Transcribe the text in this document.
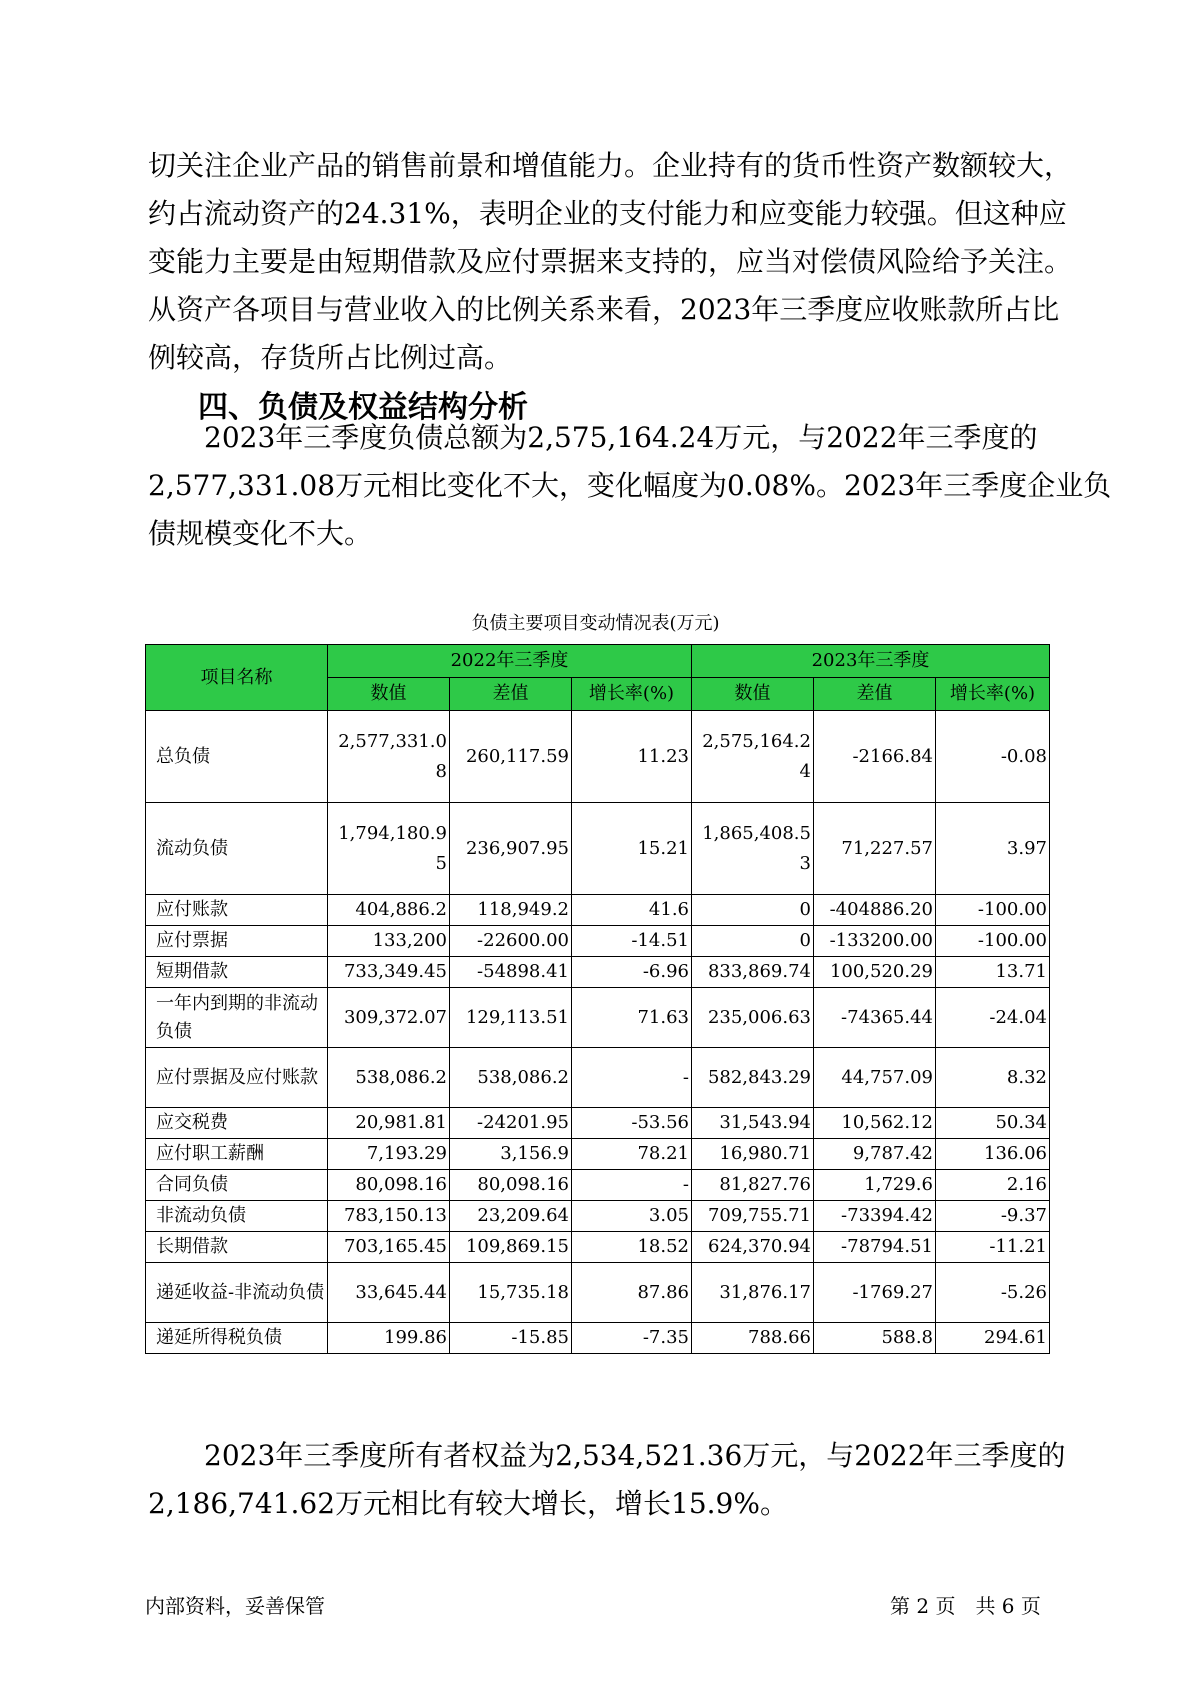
切关注企业产品的销售前景和增值能力。企业持有的货币性资产数额较大，
约占流动资产的24.31%，表明企业的支付能力和应变能力较强。但这种应
变能力主要是由短期借款及应付票据来支持的，应当对偿债风险给予关注。
从资产各项目与营业收入的比例关系来看，2023年三季度应收账款所占比
例较高，存货所占比例过高。
四、负债及权益结构分析
　　2023年三季度负债总额为2,575,164.24万元，与2022年三季度的
2,577,331.08万元相比变化不大，变化幅度为0.08%。2023年三季度企业负
债规模变化不大。
负债主要项目变动情况表(万元)
项目名称	2022年三季度			2023年三季度		
	数值	差值	增长率(%)	数值	差值	增长率(%)
总负债	2,577,331.08	260,117.59	11.23	2,575,164.24	-2166.84	-0.08
流动负债	1,794,180.95	236,907.95	15.21	1,865,408.53	71,227.57	3.97
应付账款	404,886.2	118,949.2	41.6	0	-404886.20	-100.00
应付票据	133,200	-22600.00	-14.51	0	-133200.00	-100.00
短期借款	733,349.45	-54898.41	-6.96	833,869.74	100,520.29	13.71
一年内到期的非流动负债	309,372.07	129,113.51	71.63	235,006.63	-74365.44	-24.04
应付票据及应付账款	538,086.2	538,086.2	-	582,843.29	44,757.09	8.32
应交税费	20,981.81	-24201.95	-53.56	31,543.94	10,562.12	50.34
应付职工薪酬	7,193.29	3,156.9	78.21	16,980.71	9,787.42	136.06
合同负债	80,098.16	80,098.16	-	81,827.76	1,729.6	2.16
非流动负债	783,150.13	23,209.64	3.05	709,755.71	-73394.42	-9.37
长期借款	703,165.45	109,869.15	18.52	624,370.94	-78794.51	-11.21
递延收益-非流动负债	33,645.44	15,735.18	87.86	31,876.17	-1769.27	-5.26
递延所得税负债	199.86	-15.85	-7.35	788.66	588.8	294.61
　　2023年三季度所有者权益为2,534,521.36万元，与2022年三季度的
2,186,741.62万元相比有较大增长，增长15.9%。
内部资料，妥善保管	第 2 页　共 6 页
